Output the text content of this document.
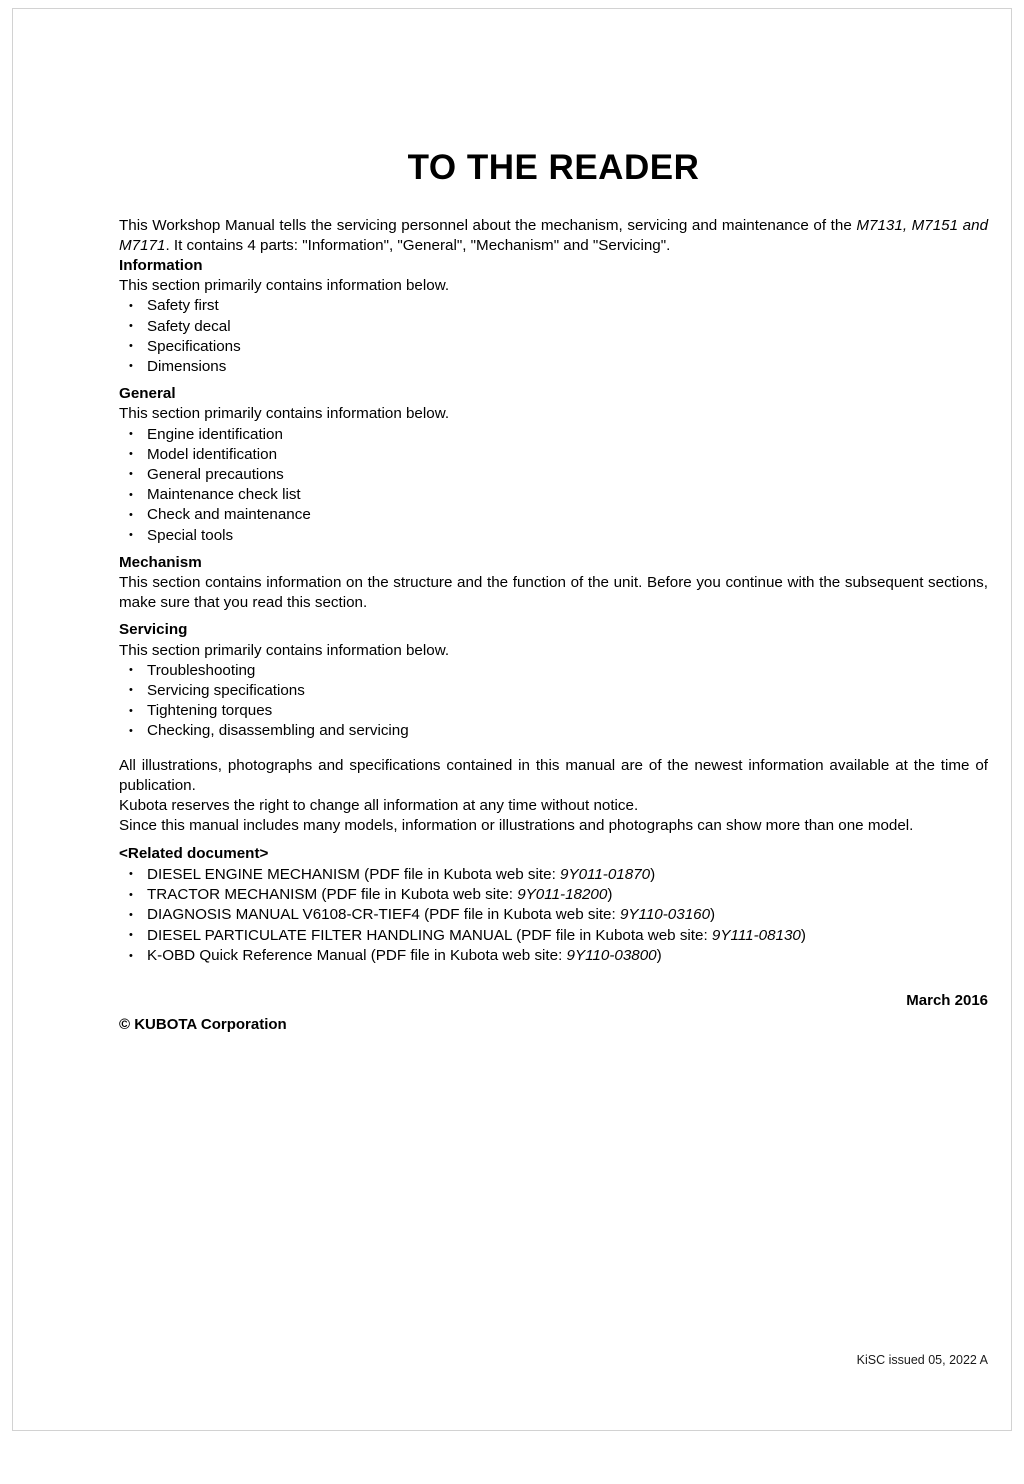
TO THE READER

This Workshop Manual tells the servicing personnel about the mechanism, servicing and maintenance of the M7131, M7151 and M7171. It contains 4 parts: "Information", "General", "Mechanism" and "Servicing".

Information
This section primarily contains information below.
• Safety first
• Safety decal
• Specifications
• Dimensions
General
This section primarily contains information below.
• Engine identification
• Model identification
• General precautions
• Maintenance check list
• Check and maintenance
• Special tools
Mechanism

This section contains information on the structure and the function of the unit. Before you continue with the subsequent sections, make sure that you read this section.

Servicing
This section primarily contains information below.
• Troubleshooting
• Servicing specifications
• Tightening torques
• Checking, disassembling and servicing

All illustrations, photographs and specifications contained in this manual are of the newest information available at the time of publication.

Kubota reserves the right to change all information at any time without notice.

Since this manual includes many models, information or illustrations and photographs can show more than one model.

<Related document>
• DIESEL ENGINE MECHANISM (PDF file in Kubota web site: 9Y011-01870)
• TRACTOR MECHANISM (PDF file in Kubota web site: 9Y011-18200)
• DIAGNOSIS MANUAL V6108-CR-TIEF4 (PDF file in Kubota web site: 9Y110-03160)
• DIESEL PARTICULATE FILTER HANDLING MANUAL (PDF file in Kubota web site: 9Y111-08130)
• K-OBD Quick Reference Manual (PDF file in Kubota web site: 9Y110-03800)

March 2016

© KUBOTA Corporation

KiSC issued 05, 2022 A
